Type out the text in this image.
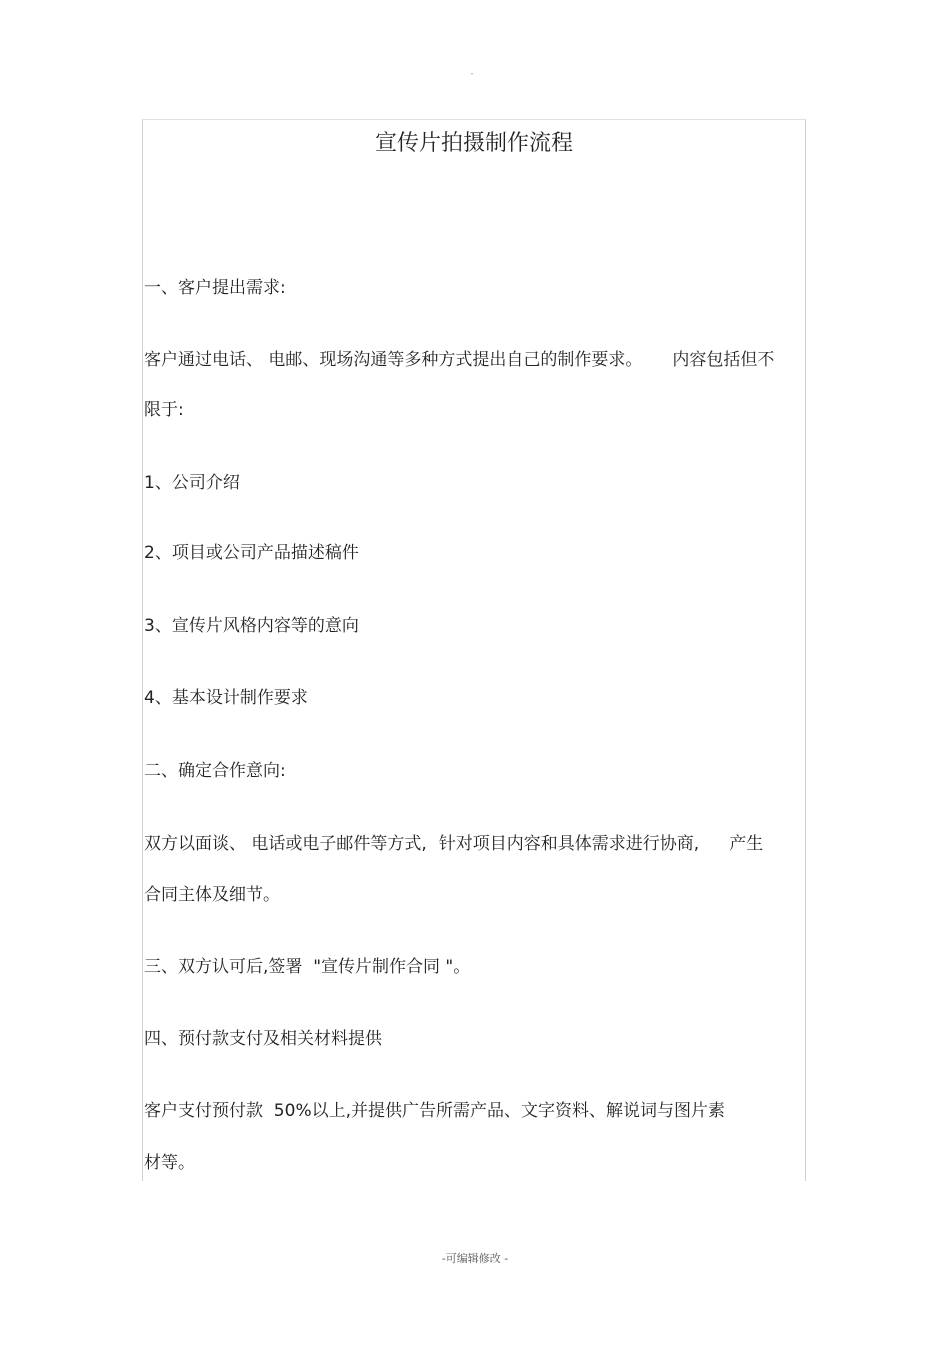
-
宣传片拍摄制作流程
一、客户提出需求:
客户通过电话、 电邮、现场沟通等多种方式提出自己的制作要求。 内容包括但不
限于:
1、公司介绍
2、项目或公司产品描述稿件
3、宣传片风格内容等的意向
4、基本设计制作要求
二、确定合作意向:
双方以面谈、 电话或电子邮件等方式, 针对项目内容和具体需求进行协商, 产生
合同主体及细节。
三、双方认可后,签署  "宣传片制作合同 "。
四、预付款支付及相关材料提供
客户支付预付款  50%以上,并提供广告所需产品、文字资料、解说词与图片素
材等。
-可编辑修改 -
